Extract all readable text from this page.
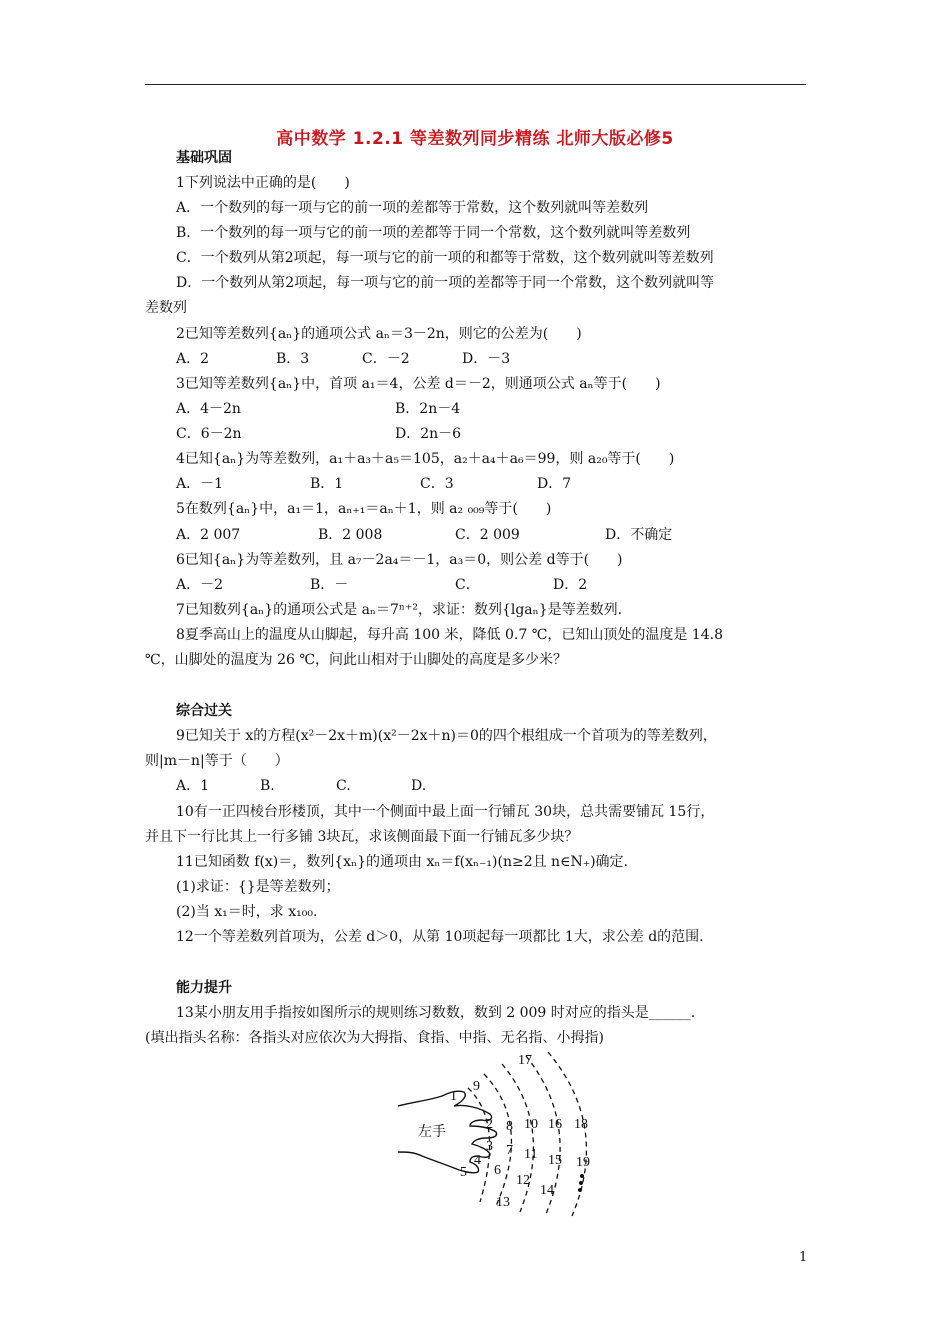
高中数学 1.2.1 等差数列同步精练 北师大版必修5
基础巩固
1下列说法中正确的是(　　)
A．一个数列的每一项与它的前一项的差都等于常数，这个数列就叫等差数列
B．一个数列的每一项与它的前一项的差都等于同一个常数，这个数列就叫等差数列
C．一个数列从第2项起，每一项与它的前一项的和都等于常数，这个数列就叫等差数列
D．一个数列从第2项起，每一项与它的前一项的差都等于同一个常数，这个数列就叫等
差数列
2已知等差数列{aₙ}的通项公式 aₙ＝3－2n，则它的公差为(　　)
A．2	B．3	C．－2	D．－3
3已知等差数列{aₙ}中，首项 a₁＝4，公差 d＝－2，则通项公式 aₙ等于(　　)
A．4－2n	B．2n－4
C．6－2n	D．2n－6
4已知{aₙ}为等差数列，a₁＋a₃＋a₅＝105，a₂＋a₄＋a₆＝99，则 a₂₀等于(　　)
A．－1	B．1	C．3	D．7
5在数列{aₙ}中，a₁＝1，aₙ₊₁＝aₙ＋1，则 a₂ ₀₀₉等于(　　)
A．2 007	B．2 008	C．2 009	D．不确定
6已知{aₙ}为等差数列，且 a₇－2a₄＝－1，a₃＝0，则公差 d等于(　　)
A．－2	B．－	C．	D．2
7已知数列{aₙ}的通项公式是 aₙ＝7ⁿ⁺²，求证：数列{lgaₙ}是等差数列.
8夏季高山上的温度从山脚起，每升高 100 米，降低 0.7 ℃，已知山顶处的温度是 14.8
℃，山脚处的温度为 26 ℃，问此山相对于山脚处的高度是多少米？
综合过关
9已知关于 x的方程(x²－2x＋m)(x²－2x＋n)＝0的四个根组成一个首项为的等差数列，
则|m－n|等于（　　）
A．1	B.	C.	D.
10有一正四棱台形楼顶，其中一个侧面中最上面一行铺瓦 30块，总共需要铺瓦 15行，
并且下一行比其上一行多铺 3块瓦，求该侧面最下面一行铺瓦多少块？
11已知函数 f(x)＝，数列{xₙ}的通项由 xₙ＝f(xₙ₋₁)(n≥2且 n∈N₊)确定.
(1)求证：{}是等差数列；
(2)当 x₁＝时，求 x₁₀₀.
12一个等差数列首项为，公差 d＞0，从第 10项起每一项都比 1大，求公差 d的范围.
能力提升
13某小朋友用手指按如图所示的规则练习数数，数到 2 009 时对应的指头是______.
(填出指头名称：各指头对应依次为大拇指、食指、中指、无名指、小拇指)
左手
1
2
3
4
5 6
7
8
9
10
11
12
13
14
15
16
17
18
19
1
